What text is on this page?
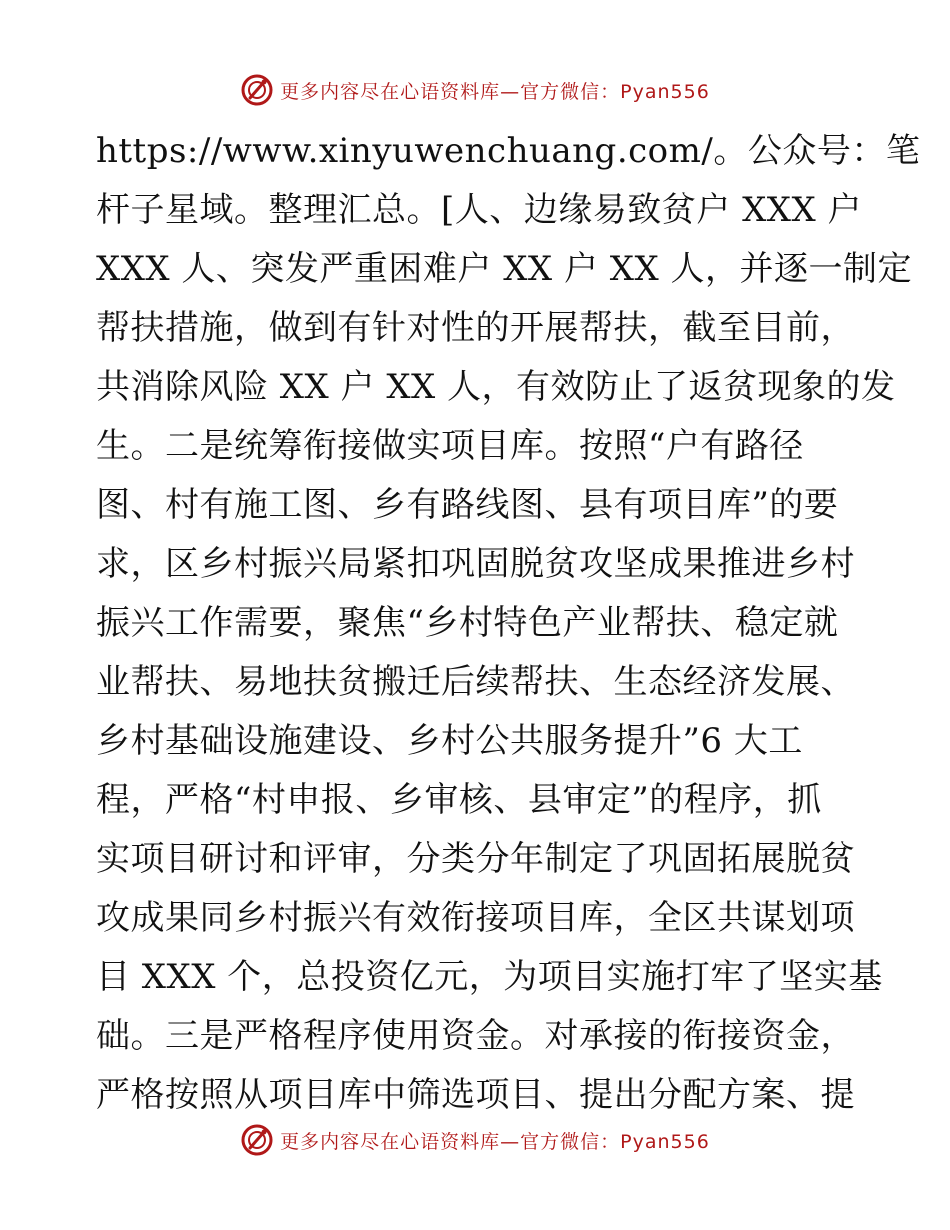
更多内容尽在心语资料库—官方微信：Pyan556
https://www.xinyuwenchuang.com/。公众号：笔
杆子星域。整理汇总。[人、边缘易致贫户 XXX 户
XXX 人、突发严重困难户 XX 户 XX 人，并逐一制定
帮扶措施，做到有针对性的开展帮扶，截至目前，
共消除风险 XX 户 XX 人，有效防止了返贫现象的发
生。二是统筹衔接做实项目库。按照“户有路径
图、村有施工图、乡有路线图、县有项目库”的要
求，区乡村振兴局紧扣巩固脱贫攻坚成果推进乡村
振兴工作需要，聚焦“乡村特色产业帮扶、稳定就
业帮扶、易地扶贫搬迁后续帮扶、生态经济发展、
乡村基础设施建设、乡村公共服务提升”6 大工
程，严格“村申报、乡审核、县审定”的程序，抓
实项目研讨和评审，分类分年制定了巩固拓展脱贫
攻成果同乡村振兴有效衔接项目库，全区共谋划项
目 XXX 个，总投资亿元，为项目实施打牢了坚实基
础。三是严格程序使用资金。对承接的衔接资金，
严格按照从项目库中筛选项目、提出分配方案、提
更多内容尽在心语资料库—官方微信：Pyan556
